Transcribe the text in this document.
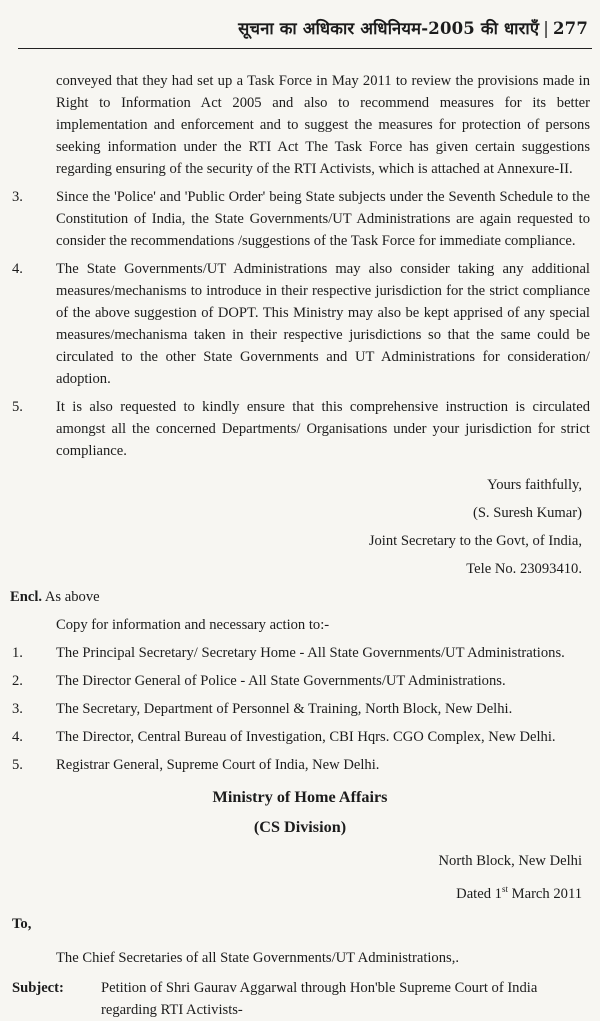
सूचना का अधिकार अधिनियम-2005 की धाराएँ | 277

conveyed that they had set up a Task Force in May 2011 to review the provisions made in Right to Information Act 2005 and also to recommend measures for its better implementation and enforcement and to suggest the measures for protection of persons seeking information under the RTI Act The Task Force has given certain suggestions regarding ensuring of the security of the RTI Activists, which is attached at Annexure-II.

3. Since the 'Police' and 'Public Order' being State subjects under the Seventh Schedule to the Constitution of India, the State Governments/UT Administrations are again requested to consider the recommendations /suggestions of the Task Force for immediate compliance.
4. The State Governments/UT Administrations may also consider taking any additional measures/mechanisms to introduce in their respective jurisdiction for the strict compliance of the above suggestion of DOPT. This Ministry may also be kept apprised of any special measures/mechanisma taken in their respective jurisdictions so that the same could be circulated to the other State Governments and UT Administrations for consideration/ adoption.
5. It is also requested to kindly ensure that this comprehensive instruction is circulated amongst all the concerned Departments/ Organisations under your jurisdiction for strict compliance.
Yours faithfully,
(S. Suresh Kumar)
Joint Secretary to the Govt, of India,
Tele No. 23093410.
Encl. As above
Copy for information and necessary action to:-
1. The Principal Secretary/ Secretary Home - All State Governments/UT Administrations.
2. The Director General of Police - All State Governments/UT Administrations.
3. The Secretary, Department of Personnel & Training, North Block, New Delhi.
4. The Director, Central Bureau of Investigation, CBI Hqrs. CGO Complex, New Delhi.
5. Registrar General, Supreme Court of India, New Delhi.
Ministry of Home Affairs
(CS Division)
North Block, New Delhi
Dated 1st March 2011
To,
The Chief Secretaries of all State Governments/UT Administrations,.
Subject:	Petition of Shri Gaurav Aggarwal through Hon'ble Supreme Court of India regarding RTI Activists-
